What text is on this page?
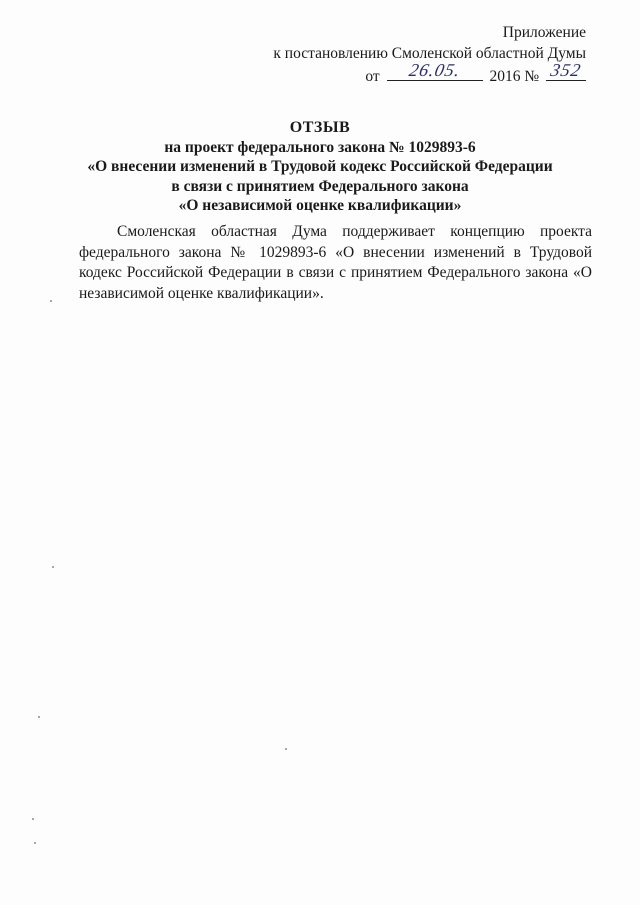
Приложение
к постановлению Смоленской областной Думы
от	26.05.	2016 № 352
ОТЗЫВ
на проект федерального закона № 1029893-6
«О внесении изменений в Трудовой кодекс Российской Федерации
в связи с принятием Федерального закона
«О независимой оценке квалификации»
Смоленская областная Дума поддерживает концепцию проекта федерального закона № 1029893-6 «О внесении изменений в Трудовой кодекс Российской Федерации в связи с принятием Федерального закона «О независимой оценке квалификации».
